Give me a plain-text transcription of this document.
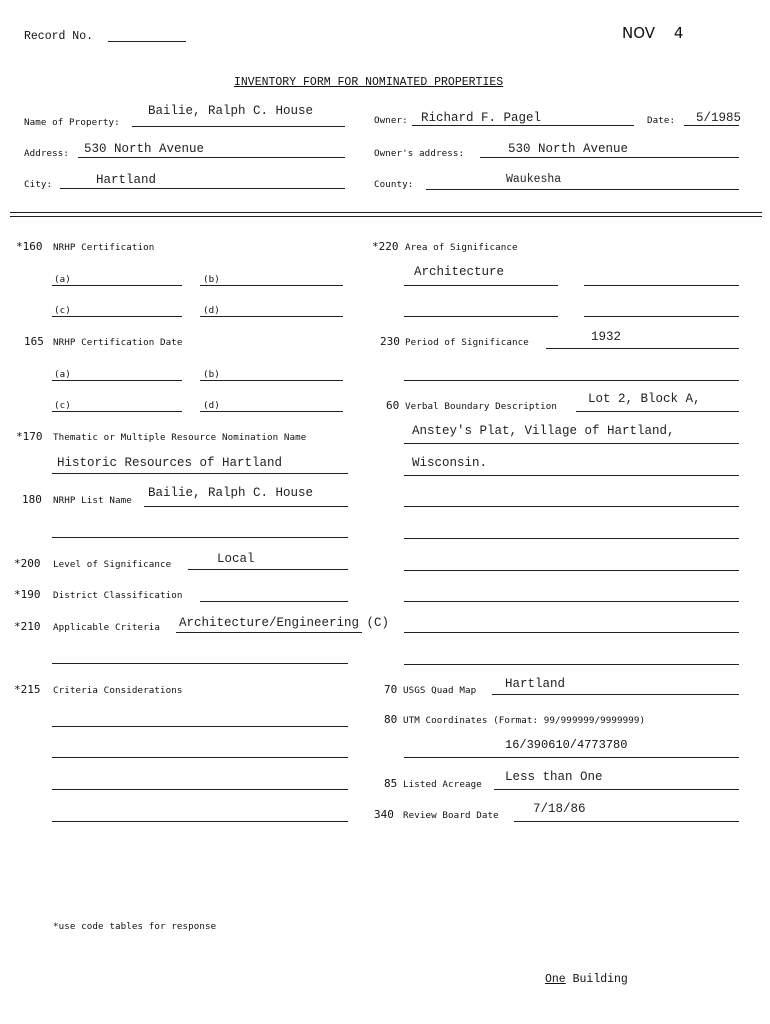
Record No.	NOV 4
INVENTORY FORM FOR NOMINATED PROPERTIES
Name of Property:
Bailie, Ralph C. House
Owner: Richard F. Pagel	Date: 5/1985
Address: 530 North Avenue	Owner's address:	530 North Avenue
City:	Hartland	County:	Waukesha
*160 NRHP Certification
(a)	(b)
(c)	(d)
165 NRHP Certification Date
(a)	(b)
(c)	(d)
*170 Thematic or Multiple Resource Nomination Name
Historic Resources of Hartland
180 NRHP List Name
Bailie, Ralph C. House
*200 Level of Significance	Local
*190 District Classification
*210 Applicable Criteria Architecture/Engineering (C)
*215 Criteria Considerations
*220 Area of Significance
Architecture
230 Period of Significance	1932
60 Verbal Boundary Description
Lot 2, Block A,
Anstey's Plat, Village of Hartland,
Wisconsin.
70 USGS Quad Map Hartland
80 UTM Coordinates (Format: 99/999999/9999999)
16/390610/4773780
85 Listed Acreage
Less than One
340 Review Board Date	7/18/86
*use code tables for response
One Building
